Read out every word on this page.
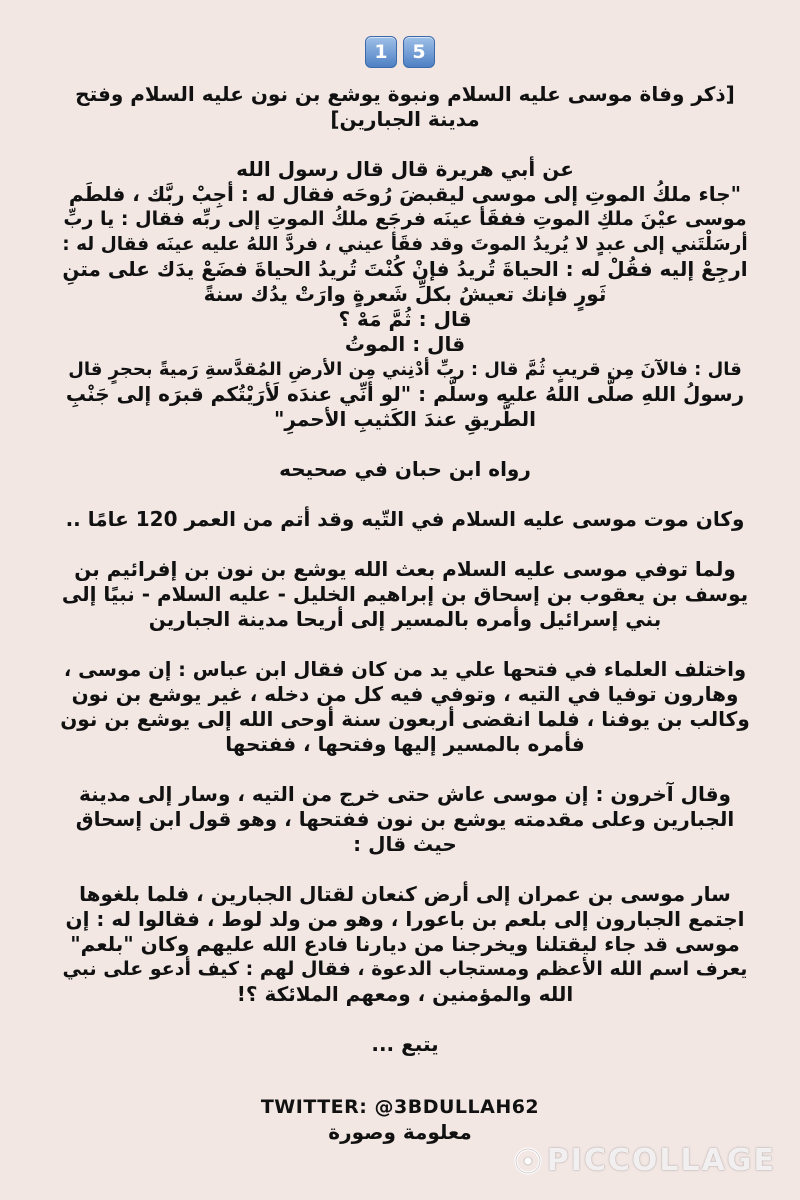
1	5
[ذكر وفاة موسى عليه السلام ونبوة يوشع بن نون عليه السلام وفتح
مدينة الجبارين]
عن أبي هريرة قال قال رسول الله
"جاء ملكُ الموتِ إلى موسى ليقبضَ رُوحَه فقال له : أجِبْ ربَّك ، فلطَم
موسى عيْنَ ملكِ الموتِ ففقَأ عينَه فرجَع ملكُ الموتِ إلى ربِّه فقال : يا ربِّ
أرسَلْتَني إلى عبدٍ لا يُريدُ الموتَ وقد فقَأ عيني ، فردَّ اللهُ عليه عينَه فقال له :
ارجِعْ إليه فقُلْ له : الحياةَ تُريدُ فإنْ كُنْتَ تُريدُ الحياةَ فضَعْ يدَك على متنِ
ثَورٍ فإنك تعيشُ بكلِّ شَعرةٍ وارَتْ يدُك سنةً
قال : ثُمَّ مَهْ ؟
قال : الموتُ
قال : فالآنَ مِن قريبٍ ثُمَّ قال : ربِّ أدْنِني مِن الأرضِ المُقدَّسةِ رَميةً بحجرٍ قال
رسولُ اللهِ صلَّى اللهُ عليه وسلَّم : "لو أنِّي عندَه لَأرَيْتُكم قبرَه إلى جَنْبِ
الطَّريقِ عندَ الكَثيبِ الأحمرِ"
رواه ابن حبان في صحيحه
وكان موت موسى عليه السلام في التّيه وقد أتم من العمر 120 عامًا ..
ولما توفي موسى عليه السلام بعث الله يوشع بن نون بن إفرائيم بن
يوسف بن يعقوب بن إسحاق بن إبراهيم الخليل - عليه السلام - نبيًا إلى
بني إسرائيل وأمره بالمسير إلى أريحا مدينة الجبارين
واختلف العلماء في فتحها علي يد من كان فقال ابن عباس : إن موسى ،
وهارون توفيا في التيه ، وتوفي فيه كل من دخله ، غير يوشع بن نون
وكالب بن يوفنا ، فلما انقضى أربعون سنة أوحى الله إلى يوشع بن نون
فأمره بالمسير إليها وفتحها ، ففتحها
وقال آخرون : إن موسى عاش حتى خرج من التيه ، وسار إلى مدينة
الجبارين وعلى مقدمته يوشع بن نون ففتحها ، وهو قول ابن إسحاق
حيث قال :
سار موسى بن عمران إلى أرض كنعان لقتال الجبارين ، فلما بلغوها
اجتمع الجبارون إلى بلعم بن باعورا ، وهو من ولد لوط ، فقالوا له : إن
موسى قد جاء ليقتلنا ويخرجنا من ديارنا فادع الله عليهم وكان "بلعم"
يعرف اسم الله الأعظم ومستجاب الدعوة ، فقال لهم : كيف أدعو على نبي
الله والمؤمنين ، ومعهم الملائكة ؟!
يتبع ...
TWITTER: @3BDULLAH62
معلومة وصورة
PICCOLLAGE
